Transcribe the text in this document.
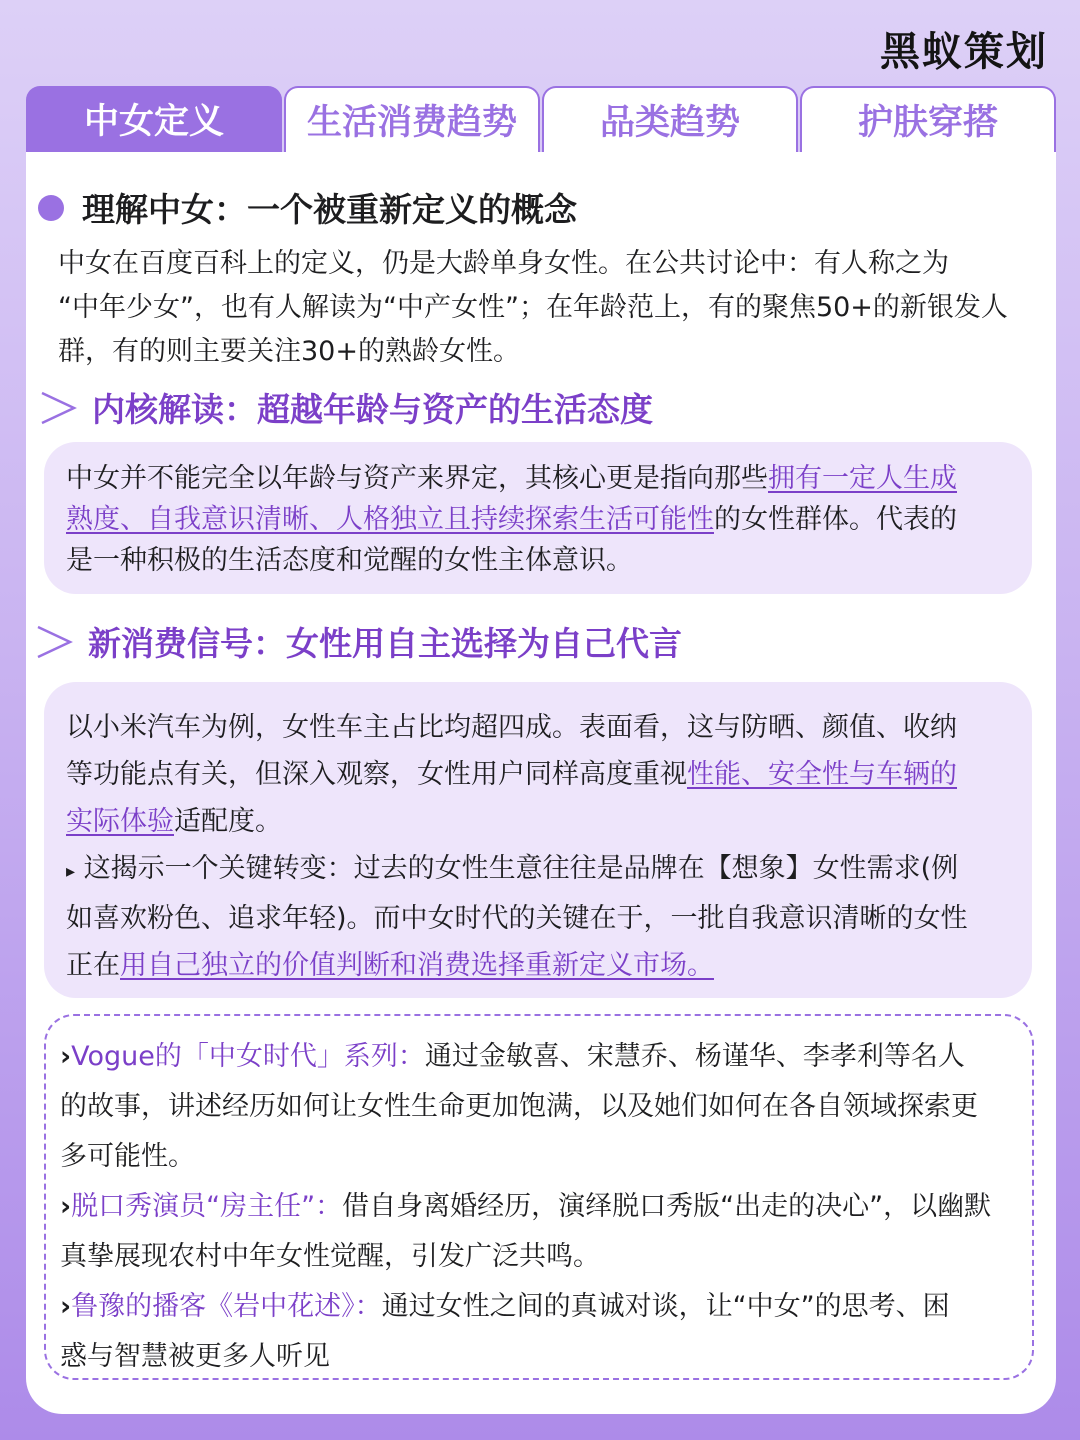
黑蚁策划
中女定义	生活消费趋势	品类趋势	护肤穿搭
理解中女：一个被重新定义的概念
中女在百度百科上的定义，仍是大龄单身女性。在公共讨论中：有人称之为
“中年少女”，也有人解读为“中产女性”；在年龄范上，有的聚焦50+的新银发人
群，有的则主要关注30+的熟龄女性。
内核解读：超越年龄与资产的生活态度
中女并不能完全以年龄与资产来界定，其核心更是指向那些拥有一定人生成
熟度、自我意识清晰、人格独立且持续探索生活可能性的女性群体。代表的
是一种积极的生活态度和觉醒的女性主体意识。
新消费信号：女性用自主选择为自己代言
以小米汽车为例，女性车主占比均超四成。表面看，这与防晒、颜值、收纳
等功能点有关，但深入观察，女性用户同样高度重视性能、安全性与车辆的
实际体验适配度。
▸ 这揭示一个关键转变：过去的女性生意往往是品牌在【想象】女性需求(例
如喜欢粉色、追求年轻)。而中女时代的关键在于，一批自我意识清晰的女性
正在用自己独立的价值判断和消费选择重新定义市场。
›Vogue的「中女时代」系列：通过金敏喜、宋慧乔、杨谨华、李孝利等名人
的故事，讲述经历如何让女性生命更加饱满，以及她们如何在各自领域探索更
多可能性。
›脱口秀演员“房主任”：借自身离婚经历，演绎脱口秀版“出走的决心”，以幽默
真挚展现农村中年女性觉醒，引发广泛共鸣。
›鲁豫的播客《岩中花述》：通过女性之间的真诚对谈，让“中女”的思考、困
惑与智慧被更多人听见
